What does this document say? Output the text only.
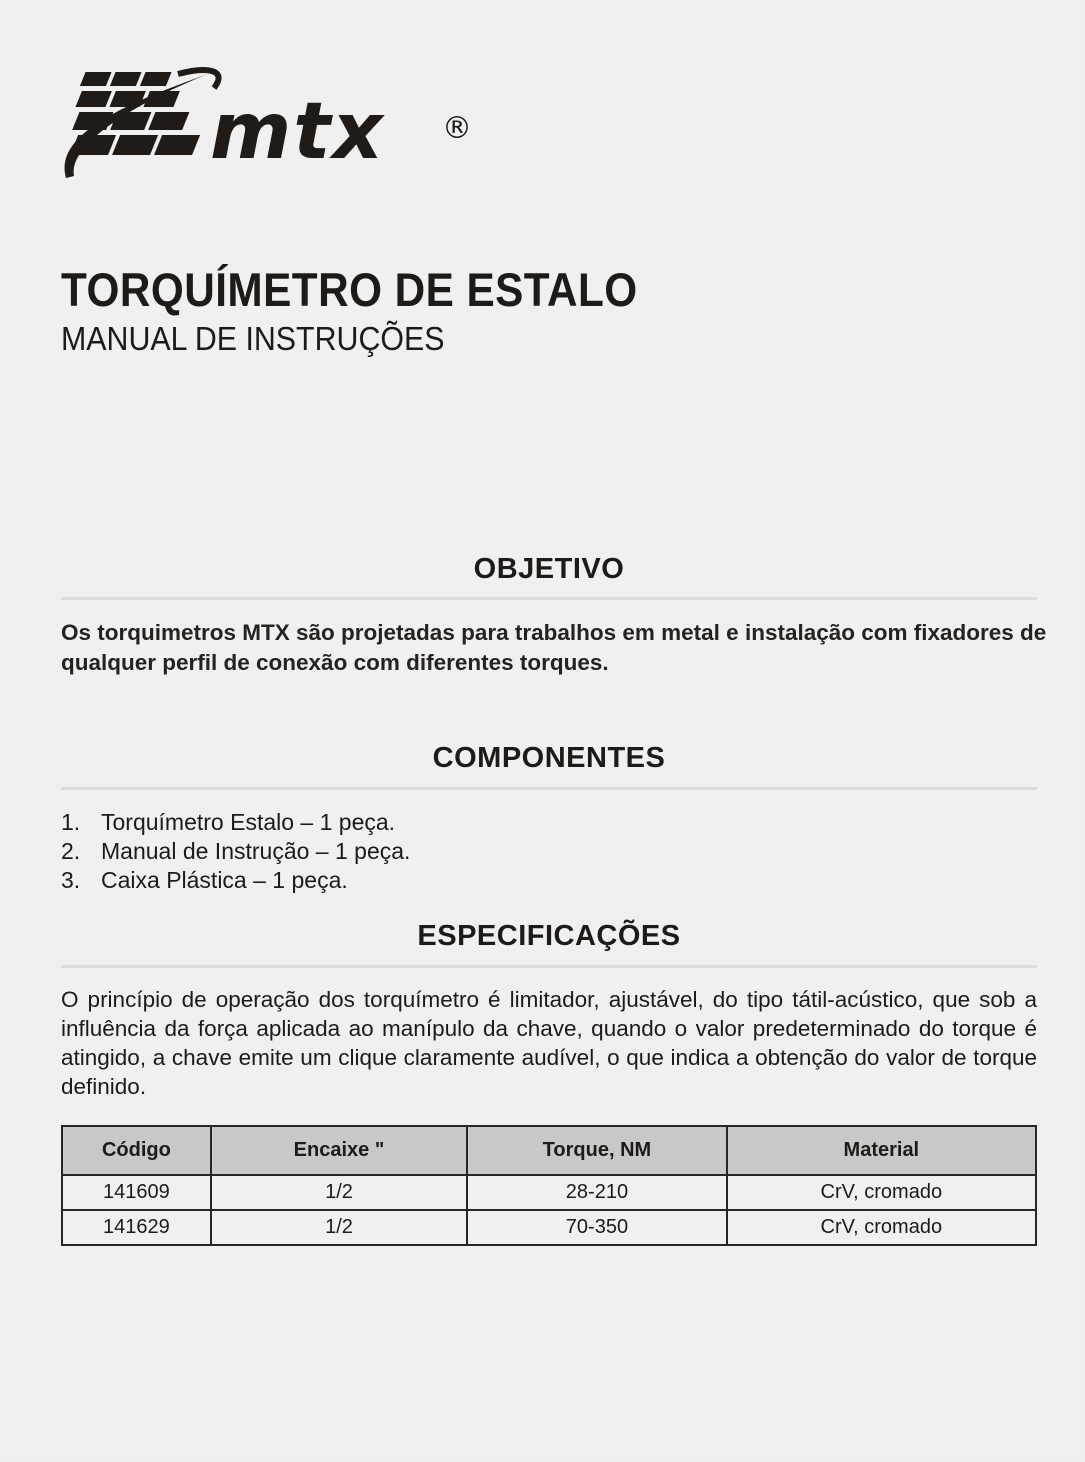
mtx ®
TORQUÍMETRO DE ESTALO
MANUAL DE INSTRUÇÕES
OBJETIVO
Os torquimetros MTX são projetadas para trabalhos em metal e instalação com fixadores de qualquer perfil de conexão com diferentes torques.
COMPONENTES
1. Torquímetro Estalo – 1 peça.
2. Manual de Instrução – 1 peça.
3. Caixa Plástica – 1 peça.
ESPECIFICAÇÕES
O princípio de operação dos torquímetro é limitador, ajustável, do tipo tátil-acústico, que sob a influência da força aplicada ao manípulo da chave, quando o valor predeterminado do torque é atingido, a chave emite um clique claramente audível, o que indica a obtenção do valor de torque definido.
Código	Encaixe "	Torque, NM	Material
141609	1/2	28-210	CrV, cromado
141629	1/2	70-350	CrV, cromado
